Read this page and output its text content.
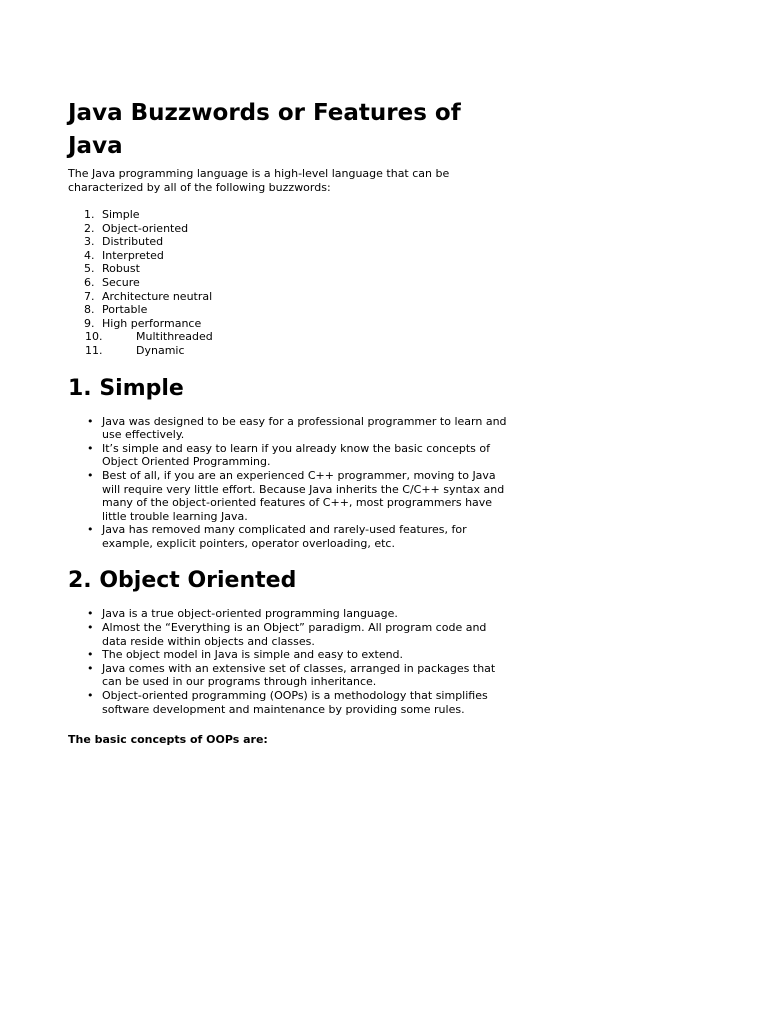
Java Buzzwords or Features of Java

The Java programming language is a high-level language that can be characterized by all of the following buzzwords:

1. Simple
2. Object-oriented
3. Distributed
4. Interpreted
5. Robust
6. Secure
7. Architecture neutral
8. Portable
9. High performance
10.	Multithreaded
11.	Dynamic
1. Simple
• Java was designed to be easy for a professional programmer to learn and use effectively.
• It’s simple and easy to learn if you already know the basic concepts of Object Oriented Programming.
• Best of all, if you are an experienced C++ programmer, moving to Java will require very little effort. Because Java inherits the C/C++ syntax and many of the object-oriented features of C++, most programmers have little trouble learning Java.
• Java has removed many complicated and rarely-used features, for example, explicit pointers, operator overloading, etc.
2. Object Oriented
• Java is a true object-oriented programming language.
• Almost the “Everything is an Object” paradigm. All program code and data reside within objects and classes.
• The object model in Java is simple and easy to extend.
• Java comes with an extensive set of classes, arranged in packages that can be used in our programs through inheritance.
• Object-oriented programming (OOPs) is a methodology that simplifies software development and maintenance by providing some rules.

The basic concepts of OOPs are:
